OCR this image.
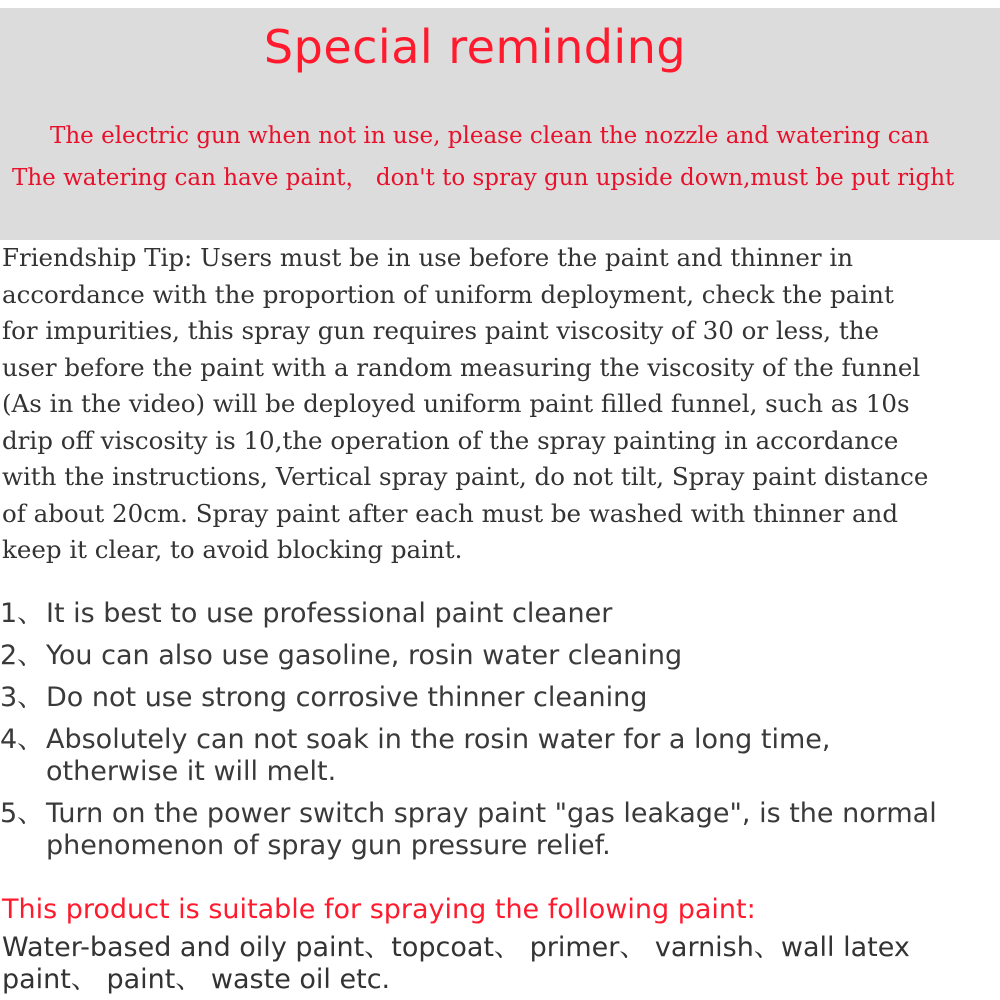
Special reminding
The electric gun when not in use, please clean the nozzle and watering can
The watering can have paint， don't to spray gun upside down,must be put right
Friendship Tip: Users must be in use before the paint and thinner in
accordance with the proportion of uniform deployment, check the paint
for impurities, this spray gun requires paint viscosity of 30 or less, the
user before the paint with a random measuring the viscosity of the funnel
(As in the video) will be deployed uniform paint filled funnel, such as 10s
drip off viscosity is 10,the operation of the spray painting in accordance
with the instructions, Vertical spray paint, do not tilt, Spray paint distance
of about 20cm. Spray paint after each must be washed with thinner and
keep it clear, to avoid blocking paint.
1、 It is best to use professional paint cleaner
2、 You can also use gasoline, rosin water cleaning
3、 Do not use strong corrosive thinner cleaning
4、 Absolutely can not soak in the rosin water for a long time,
otherwise it will melt.
5、 Turn on the power switch spray paint "gas leakage", is the normal
phenomenon of spray gun pressure relief.
This product is suitable for spraying the following paint:
Water-based and oily paint、topcoat、 primer、 varnish、wall latex
paint、 paint、 waste oil etc.
